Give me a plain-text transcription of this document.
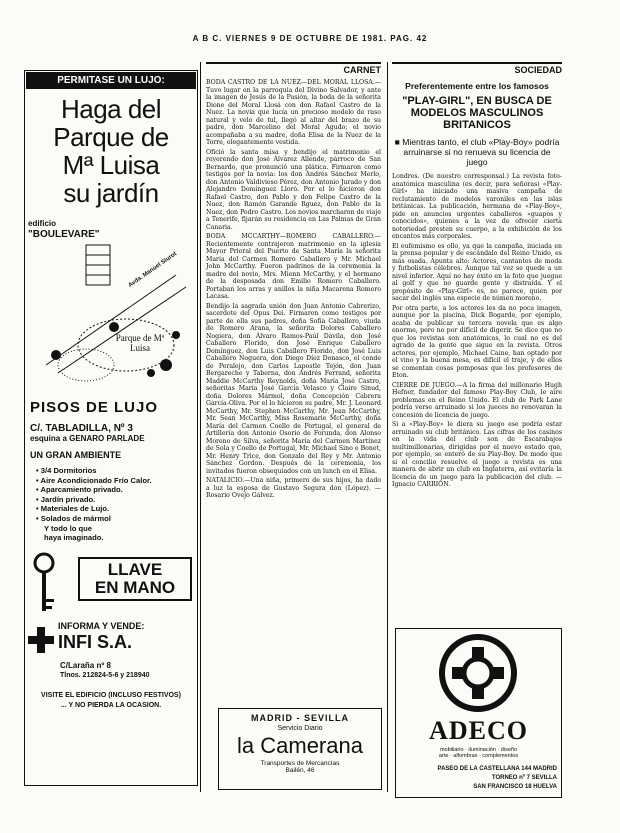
A B C. VIERNES 9 DE OCTUBRE DE 1981. PAG. 42
PERMITASE UN LUJO:
Haga del
Parque de
Mª Luisa
su jardín
edificio
"BOULEVARE"
Avda. Manuel Siurot
Parque de Mª Luisa
PISOS DE LUJO
C/. TABLADILLA, Nº 3
esquina a GENARO PARLADE
UN GRAN AMBIENTE
• 3/4 Dormitorios
• Aire Acondicionado Frío Calor.
• Aparcamiento privado.
• Jardín privado.
• Materiales de Lujo.
• Solados de mármol
Y todo lo que
haya imaginado.
LLAVE
EN MANO
INFORMA Y VENDE:
INFI S.A.
C/Laraña nº 8
Tlnos. 212824-5-6 y 218940
VISITE EL EDIFICIO (INCLUSO FESTIVOS)
... Y NO PIERDA LA OCASION.
CARNET

BODA CASTRO DE LA NUEZ—DEL MORAL LLOSA.—Tuvo lugar en la parroquia del Divino Salvador, y ante la imagen de Jesús de la Pasión, la boda de la señorita Dione del Moral Llosá con don Rafael Castro de la Nuez. La novia que lucía un precioso modelo de raso natural y velo de tul, llegó al altar del brazo de su padre, don Marcelino del Moral Agudo; el novio acompañaba a su madre, doña Elisa de la Nuez de la Torre, elegantemente vestida.

Ofició la santa misa y bendijo el matrimonio el reverendo don José Álvarez Allende, párroco de San Bernardo, que pronunció una plática. Firmaron como testigos por la novia: los don Andrés Sánchez Merlo, don Antonio Valdivieso Pérez, don Antonio Jurado y don Alejandro Domínguez Lloró. Por el lo hicieron don Rafael Castro, don Pablo y don Felipe Castro de la Nuez, don Ramón Garande Rguez, don Pablo de la Nuez, don Pedro Castro. Los novios marcharon de viaje a Tenerife, fijarán su residencia en Las Palmas de Gran Canaria.

BODA MCCARTHY—ROMERO CABALLERO.—Recientemente contrajeron matrimonio en la iglesia Mayor Prioral del Puerto de Santa María la señorita María del Carmen Romero Caballero y Mr. Michael John McCarthy. Fueron padrinos de la ceremonia la madre del novio, Mrs. Mienn McCarthy, y el hermano de la desposada don Emilio Romero Caballero. Portaban los arras y anillos la niña Macarena Romero Lacasa.

Bendijo la sagrada unión don Juan Antonio Cabrerizo, sacerdote del Opus Dei. Firmaron como testigos por parte de ella sus padres, doña Sofía Caballero, viuda de Romero Arana, la señorita Dolores Caballero Nogiera, don Álvaro Ramos-Paúl Dávila, don José Caballero Florido, don José Enrique Caballero Domínguez, don Luis Caballero Florido, don José Luis Caballero Noguera, don Diego Díez Donasco, el conde de Peralejo, don Carlos Lapostle Tejón, don Juan Bergareche y Taberna, don Andrés Ferrand, señorita Maddie McCarthy Reynolds, doña María José Castro, señoritas María José García Velasco y Claire Sinud, doña Dolores Mármol, doña Concepción Cabrera García-Oliva. Por el lo hicieron su padre, Mr. J. Leonard McCarthy, Mr. Stephen McCarthy, Mr. Jean McCarthy, Mr. Sean McCarthy, Miss Rosemarie McCarthy, doña María del Carmen Coello de Portugal, el general de Artillería don Antonio Osorio de Forunda, don Alonso Moreno de Silva, señorita María del Carmen Martínez de Sola y Coello de Portugal, Mr. Michael Sino e Bonet, Mr. Henry Trice, don Gonzalo del Rey y Mr. Antonio Sánchez Gordon. Después de la ceremonia, los invitados fueron obsequiados con un lunch en el Elisa.

NATALICIO.—Una niña, primero de sus hijos, ha dado a luz la esposa de Gustavo Segura don (López). —Rosario Ovejo Gálvez.

MADRID - SEVILLA
Servicio Diario
la Camerana
Transportes de Mercancías
Bailén, 46
SOCIEDAD
Preferentemente entre los famosos
"PLAY-GIRL", EN BUSCA DE MODELOS MASCULINOS BRITANICOS
■ Mientras tanto, el club «Play-Boy» podría arruinarse si no renueva su licencia de juego

Londres. (De nuestro corresponsal.) La revista foto-anatómica masculina (es decir, para señoras) «Play-Girl» ha iniciado una masiva campaña de reclutamiento de modelos varoniles en las islas británicas. La publicación, hermana de «Play-Boy», pide en anuncios urgentes caballeros «guapos y conocidos», quienes a la vez de ofrecer cierta notoriedad presten su cuerpo, a la exhibición de los encantos más corporales.

El eufemismo es ollo, ya que la campaña, iniciada en la prensa popular y de escándalo del Reino Unido, es más osada. Apunta alto: Actores, cantantes de moda y futbolistas célebres. Aunque tal vez se quede a un nivel inferior. Aquí no hay éxito en la foto que juegue al golf y que no guarde gente y distraída. Y el propósito de «Play-Girl» es, no parece, quien por sacar del inglés una especie de númen moreno.

Por otra parte, a los actores les da no poca imagen, aunque por la piscina, Dick Bogarde, por ejemplo, acaba de publicar su tercera novela que es algo enorme, pero no por difícil de digerir. Se dice que no que los revistas son anatómicas, lo cual no es del agrado de la gente que sigue en la revista. Otros actores, por ejemplo, Michael Caine, han optado por el vino y la buena mesa, es difícil el traje, y de ellos se comentan cosas pomposas que los profesores de Eton.

CIERRE DE JUEGO.—A la firma del millonario Hugh Hefner, fundador del famoso Play-Boy Club, le aíre problemas en el Reino Unido. El club de Park Lane podría verse arruinado si los jueces no renovaran la concesión de licencia de juego.

Si a «Play-Boy» le diera su juego ese podría estar arruinado su club británico. Las cifras de los casinos en la vida del club son de Escarabajos multimillonarias, dirigidas por el nuevo estado que, por ejemplo, se enteró de su Play-Boy. De modo que si el concilio resuelve el juego a revista es una manera de abrir un club en Inglaterra, así evitaría la licencia de un juego para la publicación del club. —Ignacio CARRION.

ADECO
mobiliario · iluminación · diseño
arte · alfombras · complementos
PASEO DE LA CASTELLANA 144 MADRID
TORNEO nº 7 SEVILLA
SAN FRANCISCO 18 HUELVA
